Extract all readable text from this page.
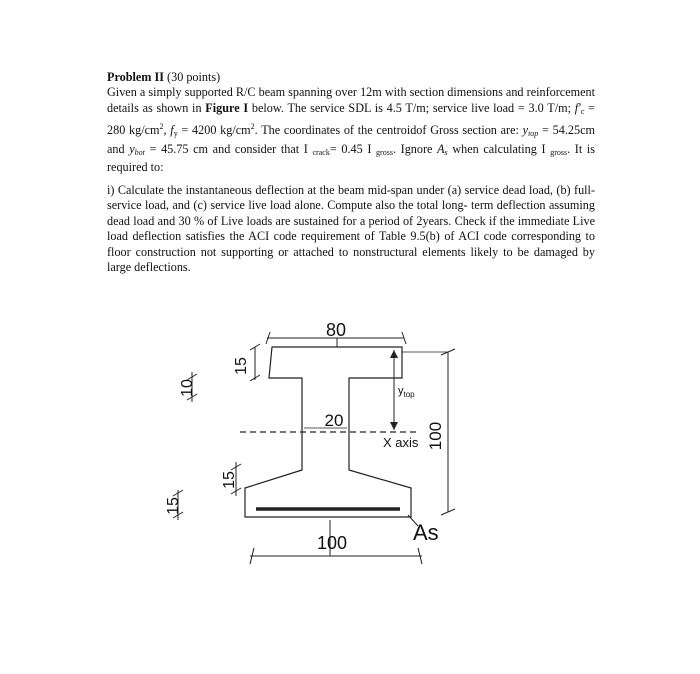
Problem II (30 points)
Given a simply supported R/C beam spanning over 12m with section dimensions and reinforcement details as shown in Figure I below. The service SDL is 4.5 T/m; service live load = 3.0 T/m; $f'_c = 280$ $kg/cm^2$, $f_y = 4200$ $kg/cm^2$. The coordinates of the centroidof Gross section are: $y_{top} = 54.25cm$ and $y_{bot} = 45.75$ cm and consider that I $_{crack}$= 0.45 I $_{gross}$. Ignore $A_s$ when calculating I $_{gross}$. It is required to:
i) Calculate the instantaneous deflection at the beam mid-span under (a) service dead load, (b) full-service load, and (c) service live load alone. Compute also the total long- term deflection assuming dead load and 30 % of Live loads are sustained for a period of 2years. Check if the immediate Live load deflection satisfies the ACI code requirement of Table 9.5(b) of ACI code corresponding to floor construction not supporting or attached to nonstructural elements likely to be damaged by large deflections.
80
100
20
$y_{top}$
X axis 100
As
15
10
15
15
